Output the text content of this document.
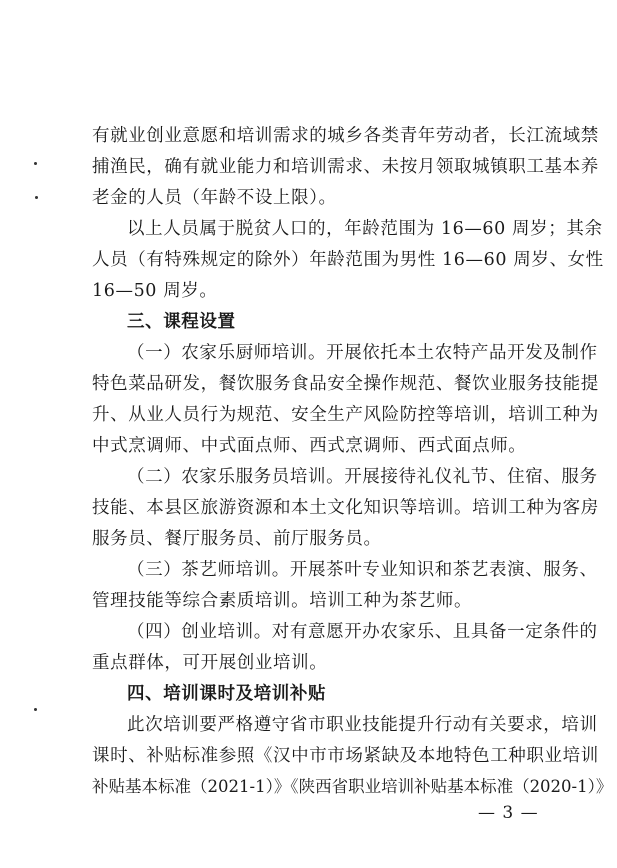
有就业创业意愿和培训需求的城乡各类青年劳动者，长江流域禁
捕渔民，确有就业能力和培训需求、未按月领取城镇职工基本养
老金的人员（年龄不设上限）。
以上人员属于脱贫人口的，年龄范围为 16—60 周岁；其余
人员（有特殊规定的除外）年龄范围为男性 16—60 周岁、女性
16—50 周岁。
三、课程设置
（一）农家乐厨师培训。开展依托本土农特产品开发及制作
特色菜品研发，餐饮服务食品安全操作规范、餐饮业服务技能提
升、从业人员行为规范、安全生产风险防控等培训，培训工种为
中式烹调师、中式面点师、西式烹调师、西式面点师。
（二）农家乐服务员培训。开展接待礼仪礼节、住宿、服务
技能、本县区旅游资源和本土文化知识等培训。培训工种为客房
服务员、餐厅服务员、前厅服务员。
（三）茶艺师培训。开展茶叶专业知识和茶艺表演、服务、
管理技能等综合素质培训。培训工种为茶艺师。
（四）创业培训。对有意愿开办农家乐、且具备一定条件的
重点群体，可开展创业培训。
四、培训课时及培训补贴
此次培训要严格遵守省市职业技能提升行动有关要求，培训
课时、补贴标准参照《汉中市市场紧缺及本地特色工种职业培训
补贴基本标准（2021-1）》《陕西省职业培训补贴基本标准（2020-1）》
— 3 —
